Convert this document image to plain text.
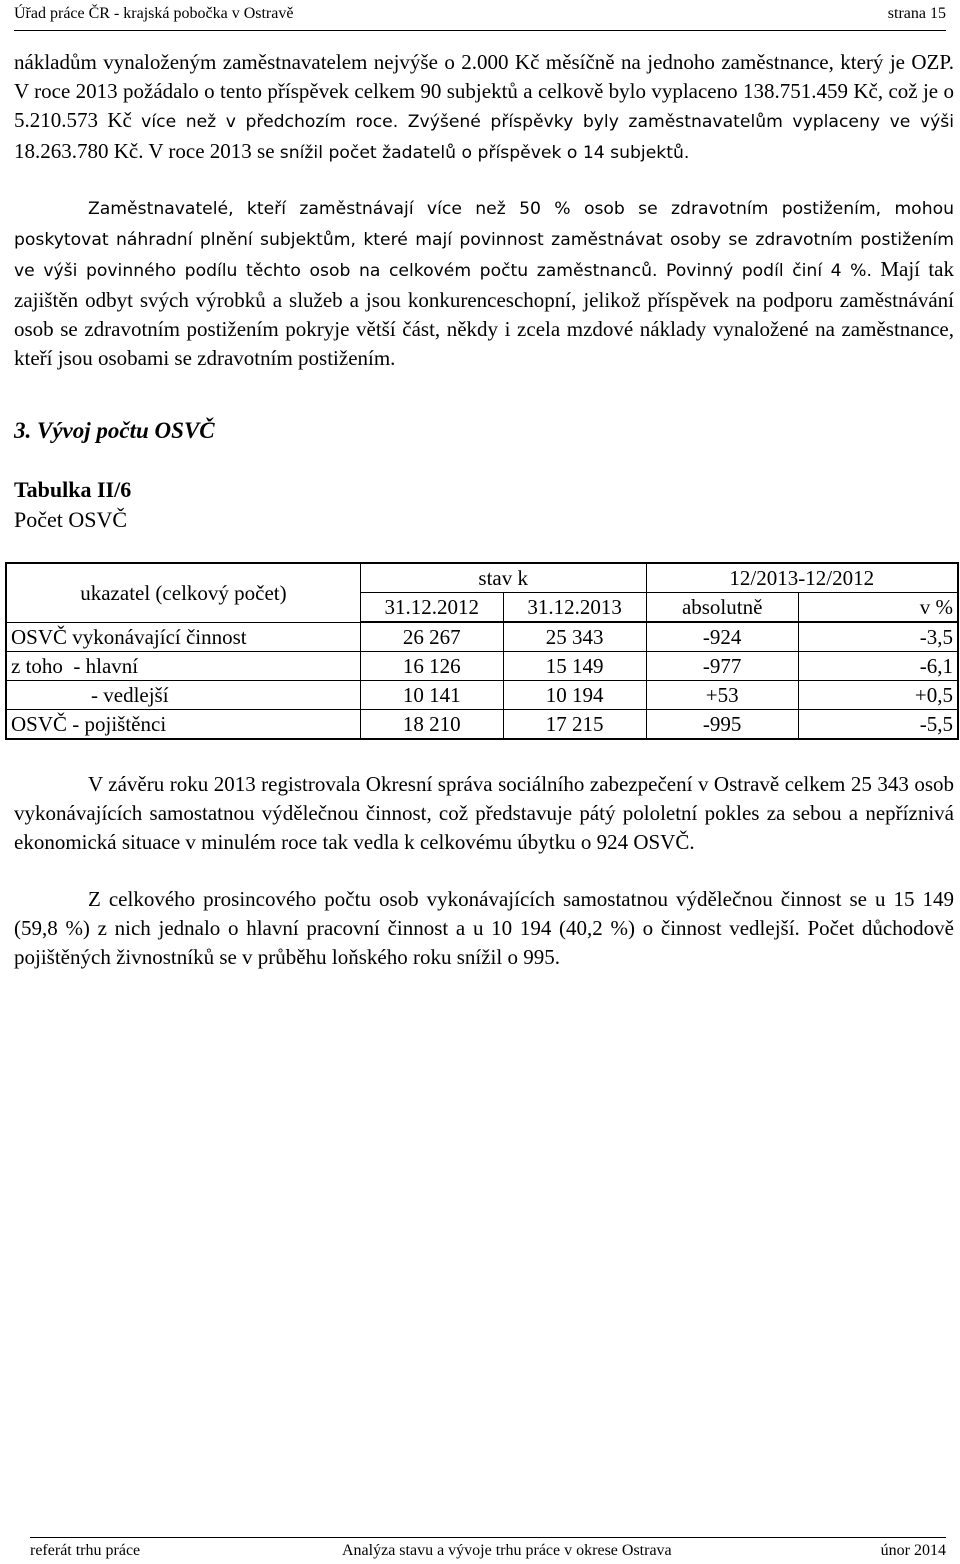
Úřad práce ČR - krajská pobočka v Ostravě	strana 15

nákladům vynaloženým zaměstnavatelem nejvýše o 2.000 Kč měsíčně na jednoho zaměstnance, který je OZP. V roce 2013 požádalo o tento příspěvek celkem 90 subjektů a celkově bylo vyplaceno 138.751.459 Kč, což je o 5.210.573 Kč více než v předchozím roce. Zvýšené příspěvky byly zaměstnavatelům vyplaceny ve výši 18.263.780 Kč. V roce 2013 se snížil počet žadatelů o příspěvek o 14 subjektů.

Zaměstnavatelé, kteří zaměstnávají více než 50 % osob se zdravotním postižením, mohou poskytovat náhradní plnění subjektům, které mají povinnost zaměstnávat osoby se zdravotním postižením ve výši povinného podílu těchto osob na celkovém počtu zaměstnanců. Povinný podíl činí 4 %. Mají tak zajištěn odbyt svých výrobků a služeb a jsou konkurenceschopní, jelikož příspěvek na podporu zaměstnávání osob se zdravotním postižením pokryje větší část, někdy i zcela mzdové náklady vynaložené na zaměstnance, kteří jsou osobami se zdravotním postižením.

3. Vývoj počtu OSVČ
Tabulka II/6
Počet OSVČ
ukazatel (celkový počet)	stav k		12/2013-12/2012	
	31.12.2012	31.12.2013	absolutně	v %
OSVČ vykonávající činnost	26 267	25 343	-924	-3,5
z toho  - hlavní	16 126	15 149	-977	-6,1
- vedlejší	10 141	10 194	+53	+0,5
OSVČ - pojištěnci	18 210	17 215	-995	-5,5

V závěru roku 2013 registrovala Okresní správa sociálního zabezpečení v Ostravě celkem 25 343 osob vykonávajících samostatnou výdělečnou činnost, což představuje pátý pololetní pokles za sebou a nepříznivá ekonomická situace v minulém roce tak vedla k celkovému úbytku o 924 OSVČ.

Z celkového prosincového počtu osob vykonávajících samostatnou výdělečnou činnost se u 15 149 (59,8 %) z nich jednalo o hlavní pracovní činnost a u 10 194 (40,2 %) o činnost vedlejší. Počet důchodově pojištěných živnostníků se v průběhu loňského roku snížil o 995.

referát trhu práce	Analýza stavu a vývoje trhu práce v okrese Ostrava	únor 2014
